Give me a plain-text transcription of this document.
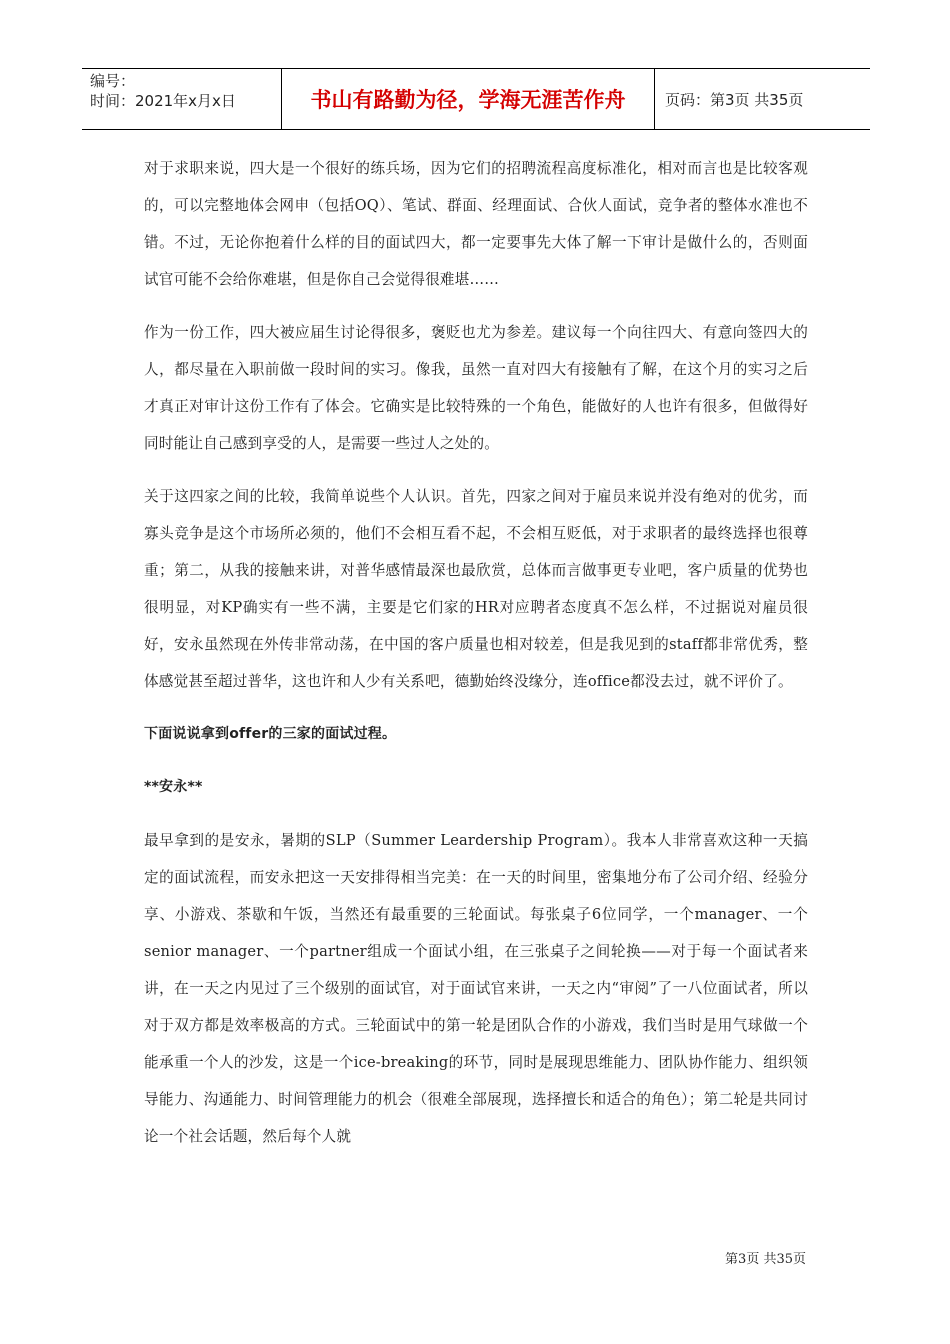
编号：
时间：2021年x月x日	书山有路勤为径，学海无涯苦作舟	页码：第3页 共35页

对于求职来说，四大是一个很好的练兵场，因为它们的招聘流程高度标准化，相对而言也是比较客观的，可以完整地体会网申（包括OQ）、笔试、群面、经理面试、合伙人面试，竞争者的整体水准也不错。不过，无论你抱着什么样的目的面试四大，都一定要事先大体了解一下审计是做什么的，否则面试官可能不会给你难堪，但是你自己会觉得很难堪……

作为一份工作，四大被应届生讨论得很多，褒贬也尤为参差。建议每一个向往四大、有意向签四大的人，都尽量在入职前做一段时间的实习。像我，虽然一直对四大有接触有了解，在这个月的实习之后才真正对审计这份工作有了体会。它确实是比较特殊的一个角色，能做好的人也许有很多，但做得好同时能让自己感到享受的人，是需要一些过人之处的。

关于这四家之间的比较，我简单说些个人认识。首先，四家之间对于雇员来说并没有绝对的优劣，而寡头竞争是这个市场所必须的，他们不会相互看不起，不会相互贬低，对于求职者的最终选择也很尊重；第二，从我的接触来讲，对普华感情最深也最欣赏，总体而言做事更专业吧，客户质量的优势也很明显，对KP确实有一些不满，主要是它们家的HR对应聘者态度真不怎么样，不过据说对雇员很好，安永虽然现在外传非常动荡，在中国的客户质量也相对较差，但是我见到的staff都非常优秀，整体感觉甚至超过普华，这也许和人少有关系吧，德勤始终没缘分，连office都没去过，就不评价了。

下面说说拿到offer的三家的面试过程。

**安永**

最早拿到的是安永，暑期的SLP（Summer Leardership Program）。我本人非常喜欢这种一天搞定的面试流程，而安永把这一天安排得相当完美：在一天的时间里，密集地分布了公司介绍、经验分享、小游戏、茶歇和午饭，当然还有最重要的三轮面试。每张桌子6位同学，一个manager、一个senior manager、一个partner组成一个面试小组，在三张桌子之间轮换——对于每一个面试者来讲，在一天之内见过了三个级别的面试官，对于面试官来讲，一天之内“审阅”了一八位面试者，所以对于双方都是效率极高的方式。三轮面试中的第一轮是团队合作的小游戏，我们当时是用气球做一个能承重一个人的沙发，这是一个ice-breaking的环节，同时是展现思维能力、团队协作能力、组织领导能力、沟通能力、时间管理能力的机会（很难全部展现，选择擅长和适合的角色）；第二轮是共同讨论一个社会话题，然后每个人就

第3页 共35页
